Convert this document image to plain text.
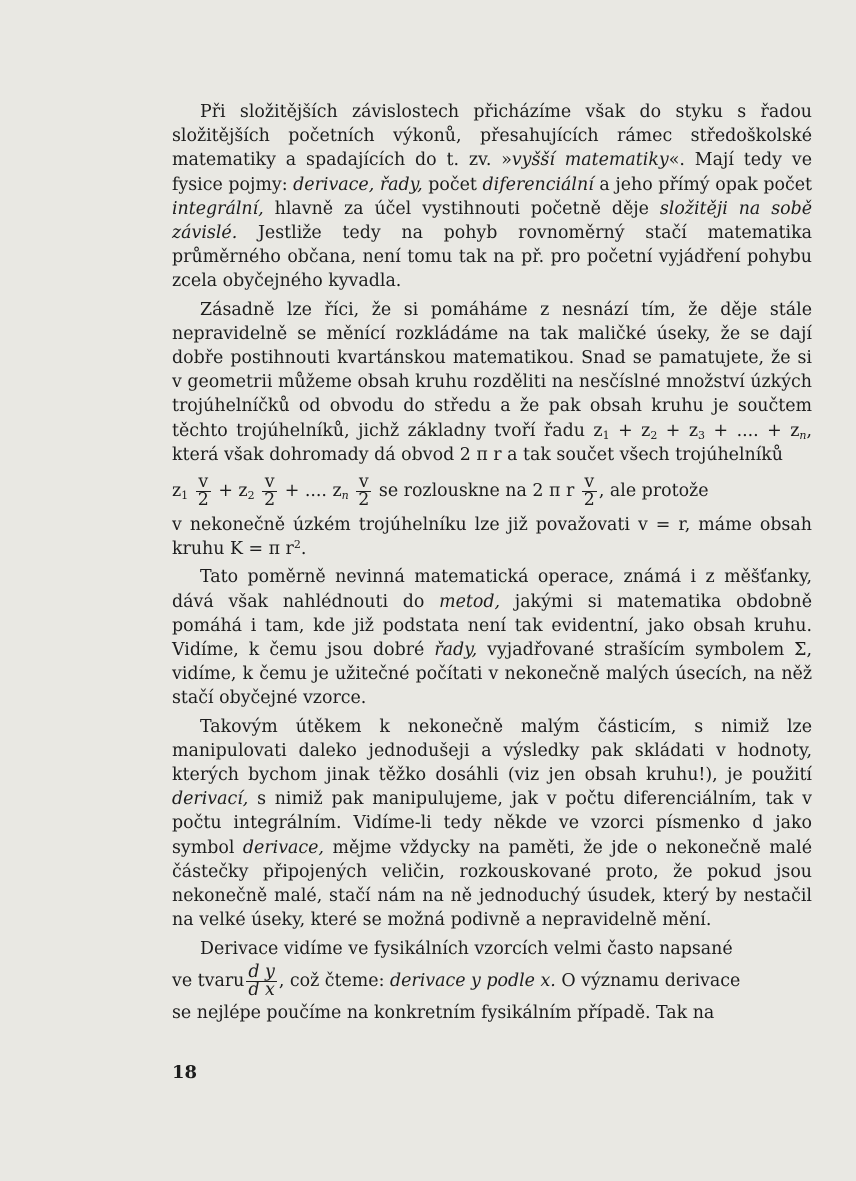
Při složitějších závislostech přicházíme však do styku s řadou složitějších početních výkonů, přesahujících rámec středoškolské matematiky a spadajících do t. zv. »vyšší matematiky«. Mají tedy ve fysice pojmy: derivace, řady, počet diferenciální a jeho přímý opak počet integrální, hlavně za účel vystihnouti početně děje složitěji na sobě závislé. Jestliže tedy na pohyb rovnoměrný stačí matematika průměrného občana, není tomu tak na př. pro početní vyjádření pohybu zcela obyčejného kyvadla.

Zásadně lze říci, že si pomáháme z nesnází tím, že děje stále nepravidelně se měnící rozkládáme na tak maličké úseky, že se dají dobře postihnouti kvartánskou matematikou. Snad se pamatujete, že si v geometrii můžeme obsah kruhu rozděliti na nesčíslné množství úzkých trojúhelníčků od obvodu do středu a že pak obsah kruhu je součtem těchto trojúhelníků, jichž základny tvoří řadu $z_1 + z_2 + z_3$ + .... + $z_n$, která však dohromady dá obvod 2 π r a tak součet všech trojúhelníků

$z_1 \frac{v}{2} + z_2 \frac{v}{2}$ + .... $z_n \frac{v}{2}$ se rozlouskne na 2 π r $\frac{v}{2}$ , ale protože

v nekonečně úzkém trojúhelníku lze již považovati v = r, máme obsah kruhu K = π $r^2$.

Tato poměrně nevinná matematická operace, známá i z měšťanky, dává však nahlédnouti do metod, jakými si matematika obdobně pomáhá i tam, kde již podstata není tak evidentní, jako obsah kruhu. Vidíme, k čemu jsou dobré řady, vyjadřované strašícím symbolem Σ, vidíme, k čemu je užitečné počítati v nekonečně malých úsecích, na něž stačí obyčejné vzorce.

Takovým útěkem k nekonečně malým částicím, s nimiž lze manipulovati daleko jednodušeji a výsledky pak skládati v hodnoty, kterých bychom jinak těžko dosáhli (viz jen obsah kruhu!), je použití derivací, s nimiž pak manipulujeme, jak v počtu diferenciálním, tak v počtu integrálním. Vidíme-li tedy někde ve vzorci písmenko d jako symbol derivace, mějme vždycky na paměti, že jde o nekonečně malé částečky připojených veličin, rozkouskované proto, že pokud jsou nekonečně malé, stačí nám na ně jednoduchý úsudek, který by nestačil na velké úseky, které se možná podivně a nepravidelně mění.

Derivace vidíme ve fysikálních vzorcích velmi často napsané

ve tvaru $\frac{\text{d y}}{\text{d x}}$ , což čteme: derivace y podle x. O významu derivace

se nejlépe poučíme na konkretním fysikálním případě. Tak na

18
